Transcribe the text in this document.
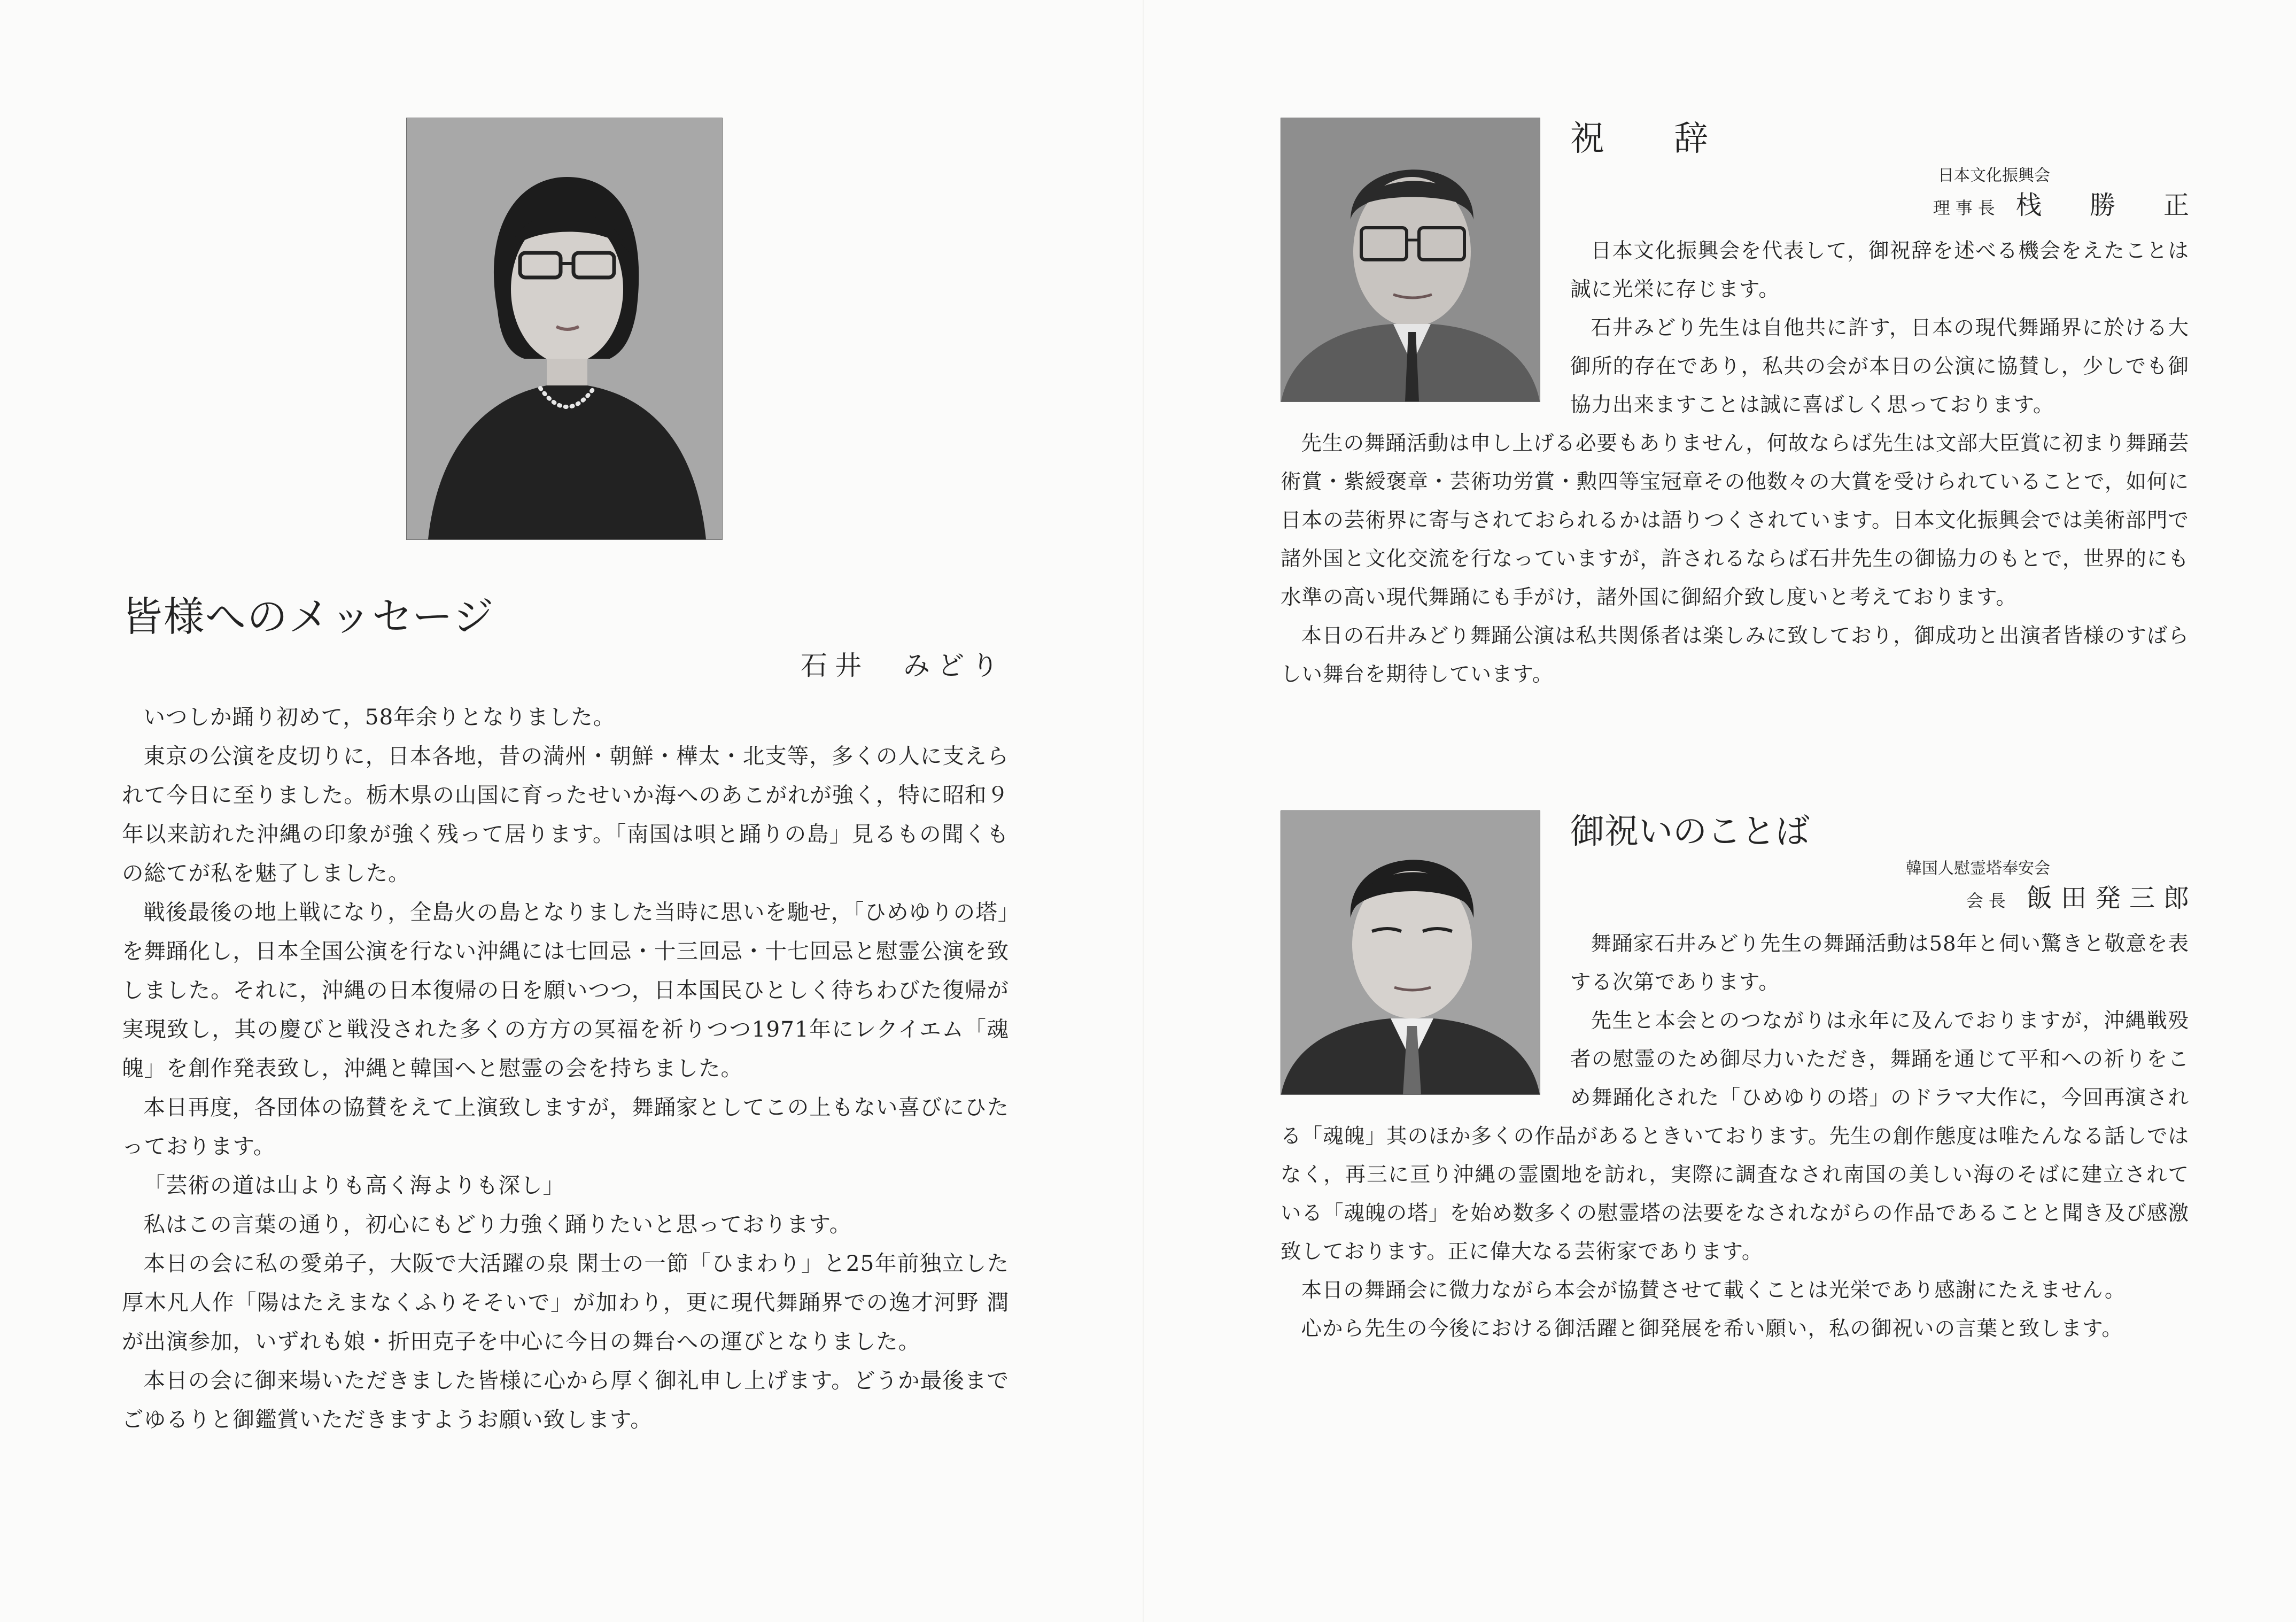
皆様へのメッセージ
石井　みどり

いつしか踊り初めて，58年余りとなりました。

東京の公演を皮切りに，日本各地，昔の満州・朝鮮・樺太・北支等，多くの人に支えられて今日に至りました。栃木県の山国に育ったせいか海へのあこがれが強く，特に昭和９年以来訪れた沖縄の印象が強く残って居ります。「南国は唄と踊りの島」見るもの聞くもの総てが私を魅了しました。

戦後最後の地上戦になり，全島火の島となりました当時に思いを馳せ，「ひめゆりの塔」を舞踊化し，日本全国公演を行ない沖縄には七回忌・十三回忌・十七回忌と慰霊公演を致しました。それに，沖縄の日本復帰の日を願いつつ，日本国民ひとしく待ちわびた復帰が実現致し，其の慶びと戦没された多くの方方の冥福を祈りつつ1971年にレクイエム「魂魄」を創作発表致し，沖縄と韓国へと慰霊の会を持ちました。

本日再度，各団体の協賛をえて上演致しますが，舞踊家としてこの上もない喜びにひたっております。

「芸術の道は山よりも高く海よりも深し」

私はこの言葉の通り，初心にもどり力強く踊りたいと思っております。

本日の会に私の愛弟子，大阪で大活躍の泉 閑士の一節「ひまわり」と25年前独立した厚木凡人作「陽はたえまなくふりそそいで」が加わり，更に現代舞踊界での逸才河野 潤が出演参加，いずれも娘・折田克子を中心に今日の舞台への運びとなりました。

本日の会に御来場いただきました皆様に心から厚く御礼申し上げます。どうか最後までごゆるりと御鑑賞いただきますようお願い致します。

祝辞
日本文化振興会
理事長 栈勝正

日本文化振興会を代表して，御祝辞を述べる機会をえたことは誠に光栄に存じます。

石井みどり先生は自他共に許す，日本の現代舞踊界に於ける大御所的存在であり，私共の会が本日の公演に協賛し，少しでも御協力出来ますことは誠に喜ばしく思っております。

先生の舞踊活動は申し上げる必要もありません，何故ならば先生は文部大臣賞に初まり舞踊芸術賞・紫綬褒章・芸術功労賞・勲四等宝冠章その他数々の大賞を受けられていることで，如何に日本の芸術界に寄与されておられるかは語りつくされています。日本文化振興会では美術部門で諸外国と文化交流を行なっていますが，許されるならば石井先生の御協力のもとで，世界的にも水準の高い現代舞踊にも手がけ，諸外国に御紹介致し度いと考えております。

本日の石井みどり舞踊公演は私共関係者は楽しみに致しており，御成功と出演者皆様のすばらしい舞台を期待しています。

御祝いのことば
韓国人慰霊塔奉安会
会長 飯田発三郎

舞踊家石井みどり先生の舞踊活動は58年と伺い驚きと敬意を表する次第であります。

先生と本会とのつながりは永年に及んでおりますが，沖縄戦殁者の慰霊のため御尽力いただき，舞踊を通じて平和への祈りをこめ舞踊化された「ひめゆりの塔」のドラマ大作に，今回再演される「魂魄」其のほか多くの作品があるときいております。先生の創作態度は唯たんなる話しではなく，再三に亘り沖縄の霊園地を訪れ，実際に調査なされ南国の美しい海のそばに建立されている「魂魄の塔」を始め数多くの慰霊塔の法要をなされながらの作品であることと聞き及び感激致しております。正に偉大なる芸術家であります。

本日の舞踊会に微力ながら本会が協賛させて載くことは光栄であり感謝にたえません。

心から先生の今後における御活躍と御発展を希い願い，私の御祝いの言葉と致します。
